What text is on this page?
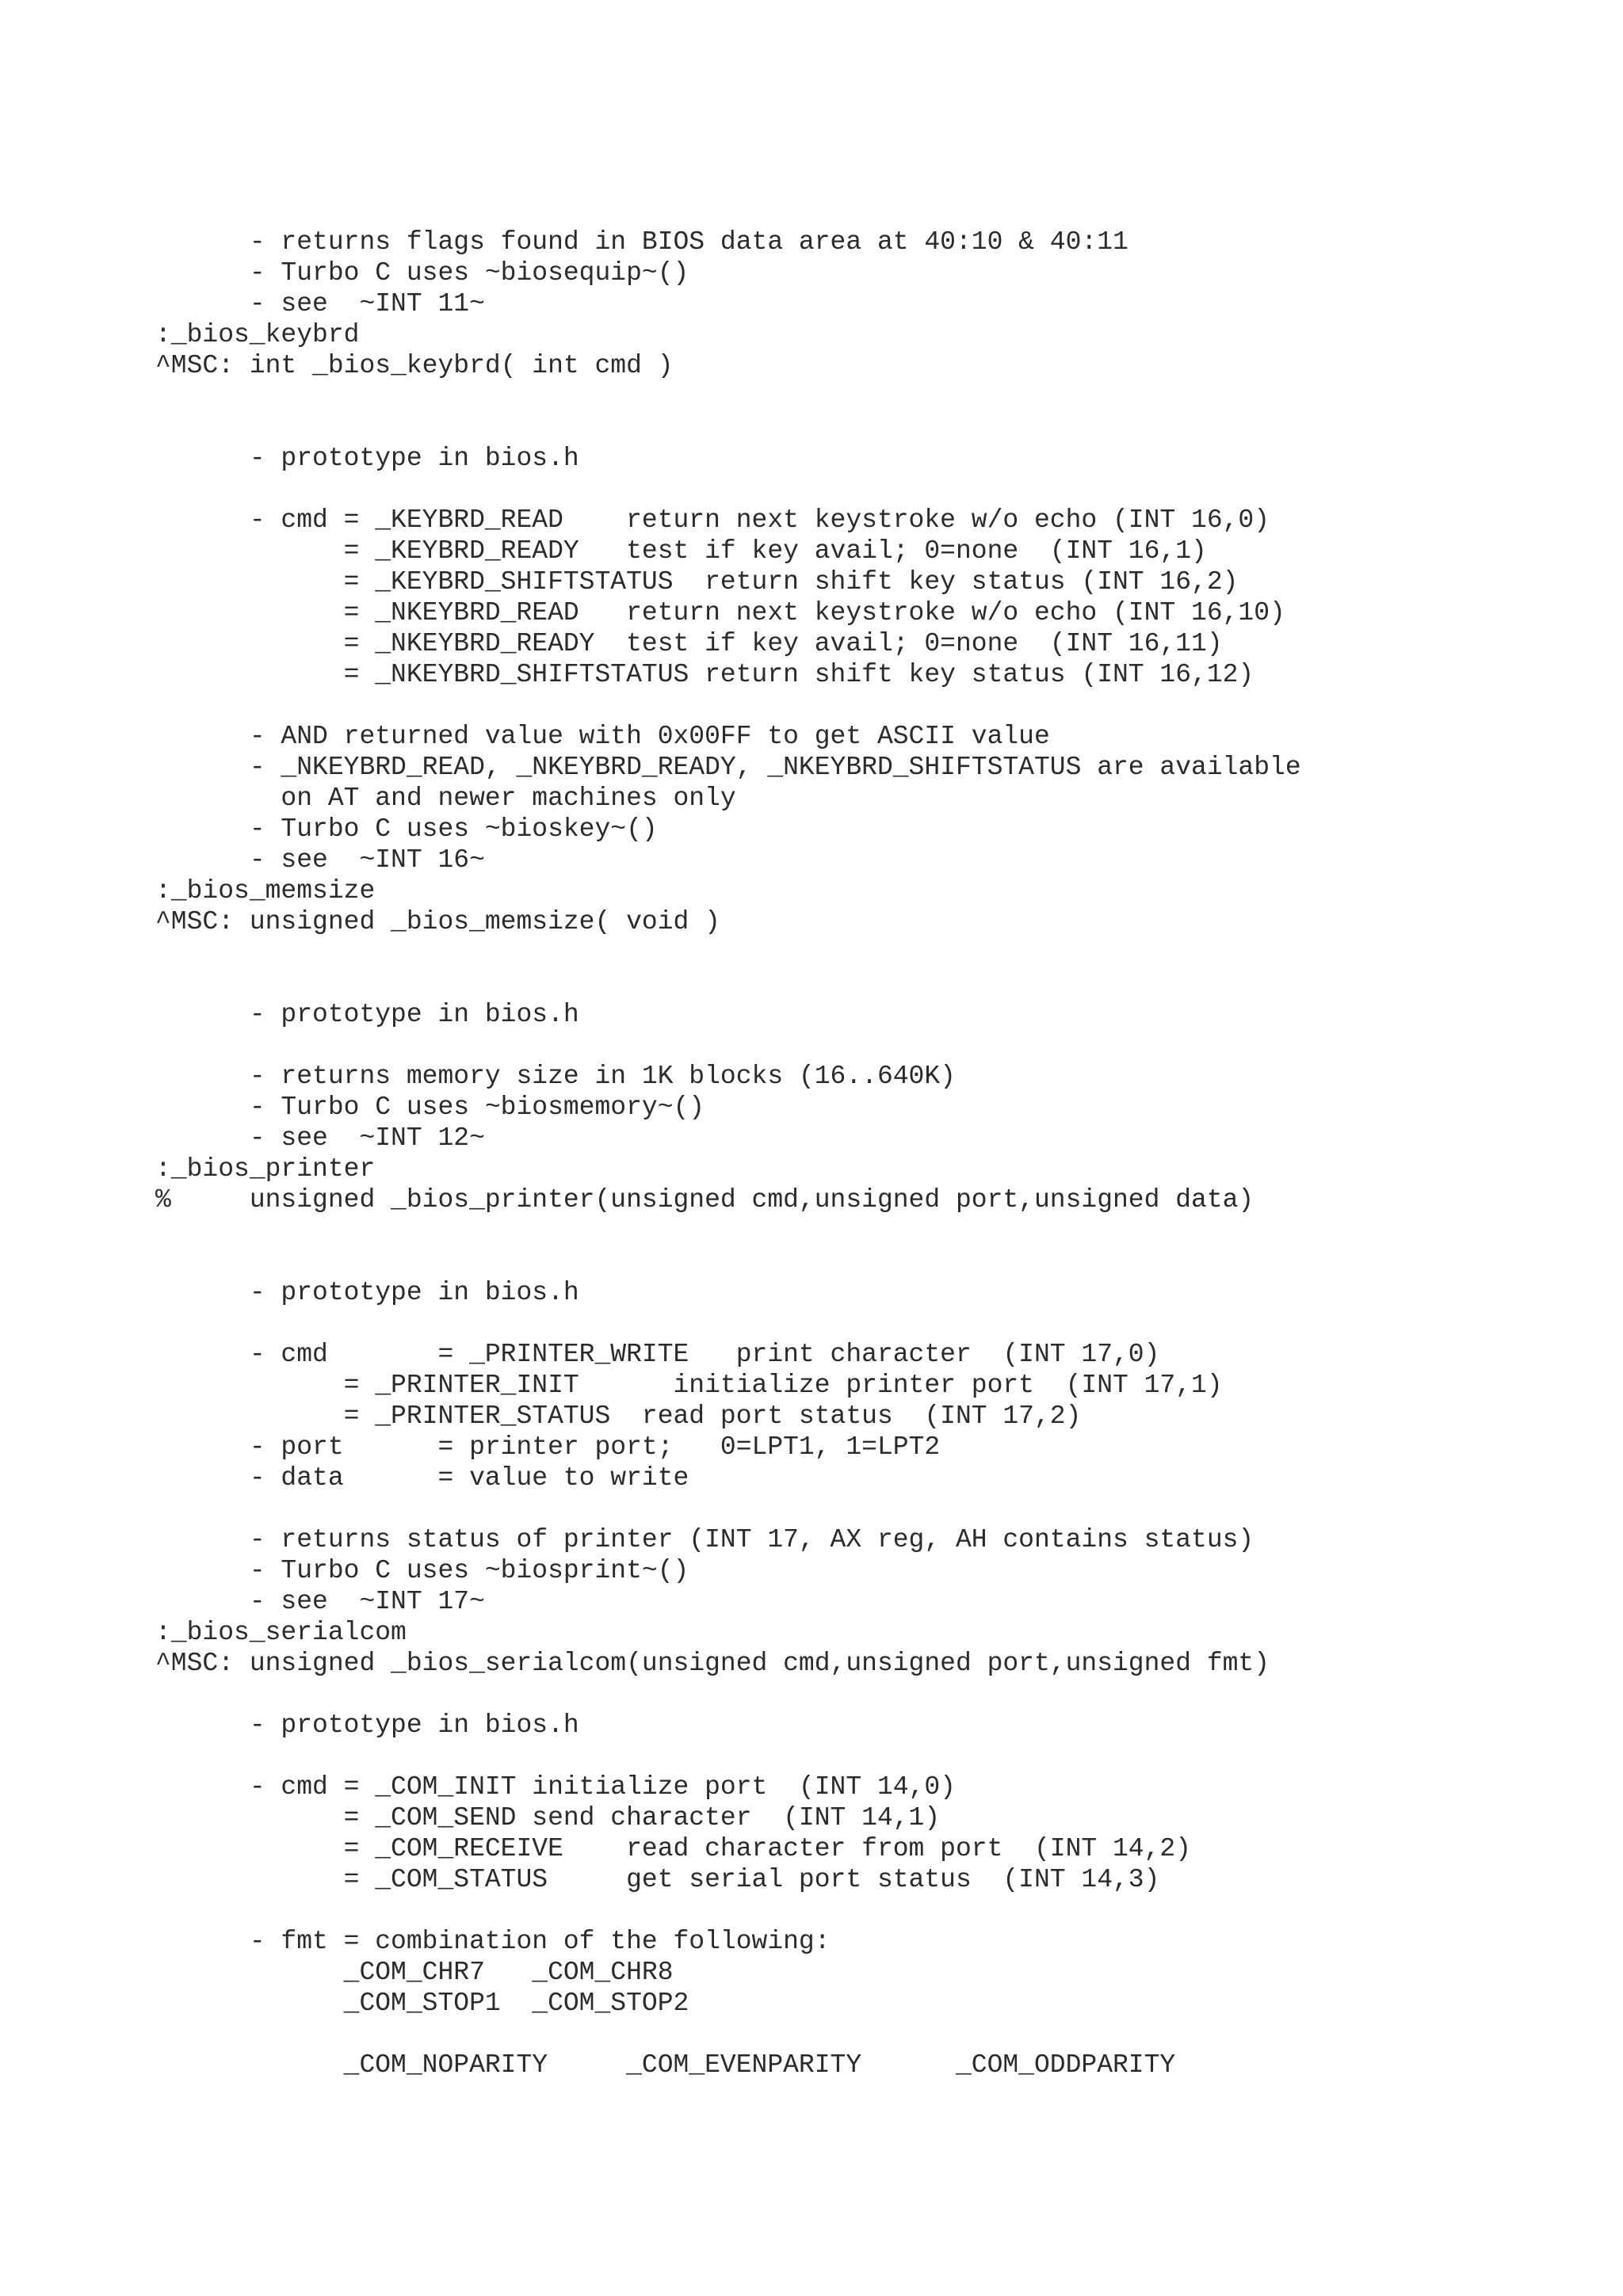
- returns flags found in BIOS data area at 40:10 & 40:11
- Turbo C uses ~biosequip~()
- see  ~INT 11~
:_bios_keybrd
^MSC: int _bios_keybrd( int cmd )
- prototype in bios.h
- cmd = _KEYBRD_READ    return next keystroke w/o echo (INT 16,0)
= _KEYBRD_READY   test if key avail; 0=none  (INT 16,1)
= _KEYBRD_SHIFTSTATUS  return shift key status (INT 16,2)
= _NKEYBRD_READ   return next keystroke w/o echo (INT 16,10)
= _NKEYBRD_READY  test if key avail; 0=none  (INT 16,11)
= _NKEYBRD_SHIFTSTATUS return shift key status (INT 16,12)
- AND returned value with 0x00FF to get ASCII value
- _NKEYBRD_READ, _NKEYBRD_READY, _NKEYBRD_SHIFTSTATUS are available
on AT and newer machines only
- Turbo C uses ~bioskey~()
- see  ~INT 16~
:_bios_memsize
^MSC: unsigned _bios_memsize( void )
- prototype in bios.h
- returns memory size in 1K blocks (16..640K)
- Turbo C uses ~biosmemory~()
- see  ~INT 12~
:_bios_printer
%     unsigned _bios_printer(unsigned cmd,unsigned port,unsigned data)
- prototype in bios.h
- cmd       = _PRINTER_WRITE   print character  (INT 17,0)
= _PRINTER_INIT      initialize printer port  (INT 17,1)
= _PRINTER_STATUS  read port status  (INT 17,2)
- port      = printer port;   0=LPT1, 1=LPT2
- data      = value to write
- returns status of printer (INT 17, AX reg, AH contains status)
- Turbo C uses ~biosprint~()
- see  ~INT 17~
:_bios_serialcom
^MSC: unsigned _bios_serialcom(unsigned cmd,unsigned port,unsigned fmt)
- prototype in bios.h
- cmd = _COM_INIT initialize port  (INT 14,0)
= _COM_SEND send character  (INT 14,1)
= _COM_RECEIVE    read character from port  (INT 14,2)
= _COM_STATUS     get serial port status  (INT 14,3)
- fmt = combination of the following:
_COM_CHR7   _COM_CHR8
_COM_STOP1  _COM_STOP2
_COM_NOPARITY     _COM_EVENPARITY      _COM_ODDPARITY
